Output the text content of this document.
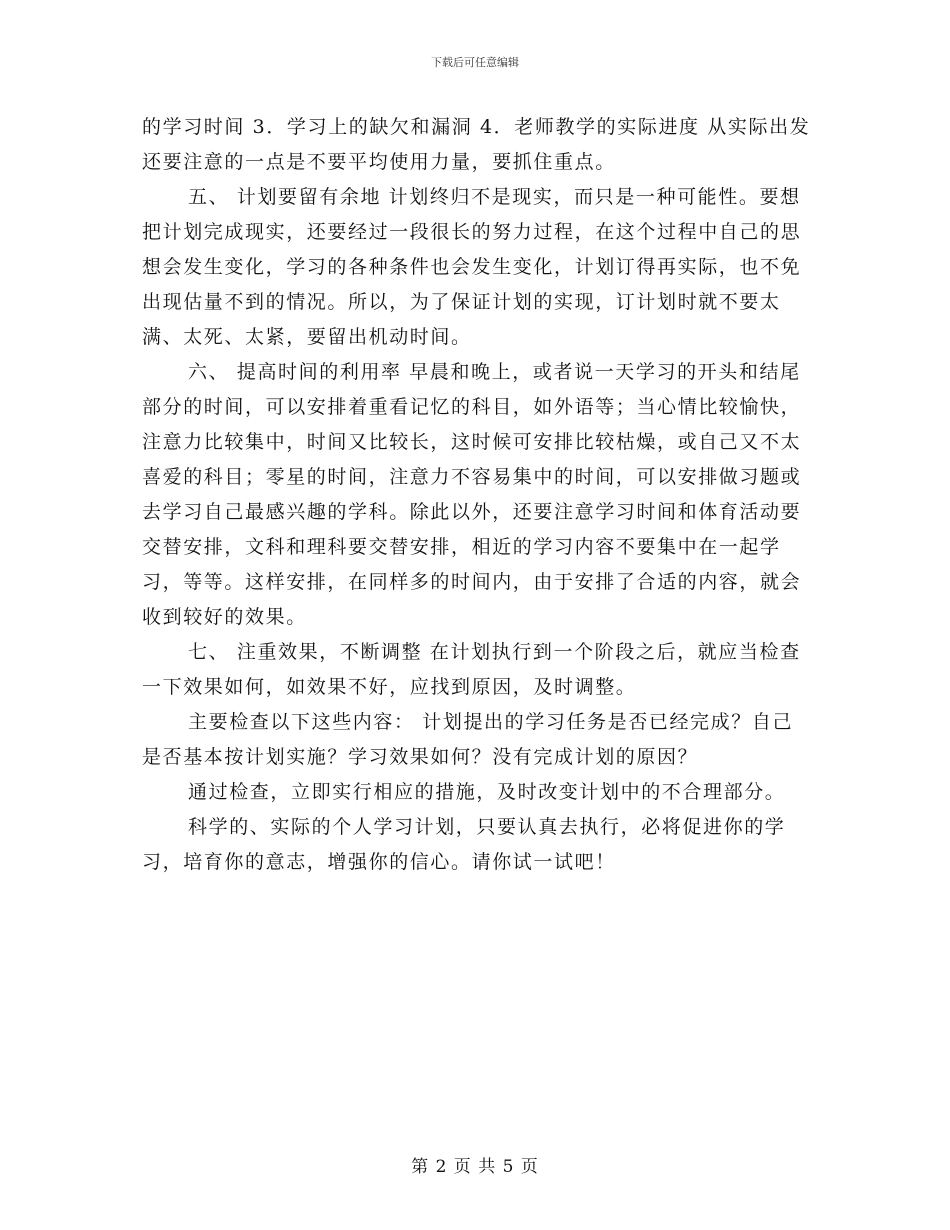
下载后可任意编辑

的学习时间 3．学习上的缺欠和漏洞 4．老师教学的实际进度 从实际出发还要注意的一点是不要平均使用力量，要抓住重点。

五、 计划要留有余地 计划终归不是现实，而只是一种可能性。要想把计划完成现实，还要经过一段很长的努力过程，在这个过程中自己的思想会发生变化，学习的各种条件也会发生变化，计划订得再实际，也不免出现估量不到的情况。所以，为了保证计划的实现，订计划时就不要太满、太死、太紧，要留出机动时间。

六、 提高时间的利用率 早晨和晚上，或者说一天学习的开头和结尾部分的时间，可以安排着重看记忆的科目，如外语等；当心情比较愉快，注意力比较集中，时间又比较长，这时候可安排比较枯燥，或自己又不太喜爱的科目；零星的时间，注意力不容易集中的时间，可以安排做习题或去学习自己最感兴趣的学科。除此以外，还要注意学习时间和体育活动要交替安排，文科和理科要交替安排，相近的学习内容不要集中在一起学习，等等。这样安排，在同样多的时间内，由于安排了合适的内容，就会收到较好的效果。

七、 注重效果，不断调整 在计划执行到一个阶段之后，就应当检查一下效果如何，如效果不好，应找到原因，及时调整。

主要检查以下这些内容： 计划提出的学习任务是否已经完成？自己是否基本按计划实施？学习效果如何？没有完成计划的原因？

通过检查，立即实行相应的措施，及时改变计划中的不合理部分。

科学的、实际的个人学习计划，只要认真去执行，必将促进你的学习，培育你的意志，增强你的信心。请你试一试吧！

第 2 页 共 5 页
